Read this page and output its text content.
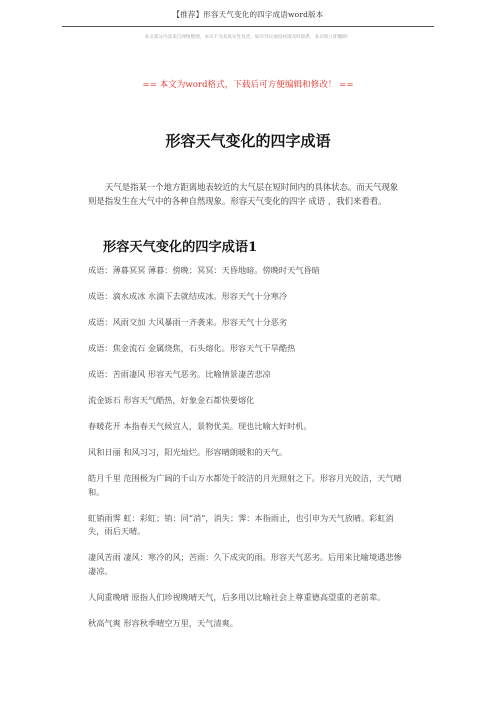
【推荐】形容天气变化的四字成语word版本
本文部分内容来自网络整理，本司不为其真实性负责，如有异议或侵权请及时联系，本司将立即删除！
== 本文为word格式，下载后可方便编辑和修改！ ==
形容天气变化的四字成语

天气是指某一个地方距离地表较近的大气层在短时间内的具体状态。而天气现象则是指发生在大气中的各种自然现象。形容天气变化的四字 成语 ，我们来看看。

形容天气变化的四字成语1

成语：薄暮冥冥 薄暮：傍晚；冥冥：天昏地暗。傍晚时天气昏暗

成语：滴水成冰 水滴下去就结成冰。形容天气十分寒冷

成语：风雨交加 大风暴雨一齐袭来。形容天气十分恶劣

成语：焦金流石 金属烧焦，石头熔化。形容天气干旱酷热

成语：苦雨凄风 形容天气恶劣。比喻情景凄苦悲凉

流金铄石 形容天气酷热，好象金石都快要熔化

春暖花开 本指春天气候宜人，景物优美。现也比喻大好时机。

风和日丽 和风习习，阳光灿烂。形容晴朗暖和的天气。

皓月千里 范围极为广阔的千山万水都处于皎洁的月光照射之下。形容月光皎洁，天气晴和。

虹销雨霁 虹：彩虹；销：同“消”，消失；霁：本指雨止，也引申为天气放晴。彩虹消失，雨后天晴。

凄风苦雨 凄风：寒冷的风；苦雨：久下成灾的雨。形容天气恶劣。后用来比喻境遇悲惨凄凉。

人间重晚晴 原指人们珍视晚晴天气，后多用以比喻社会上尊重德高望重的老前辈。

秋高气爽 形容秋季晴空万里，天气清爽。
